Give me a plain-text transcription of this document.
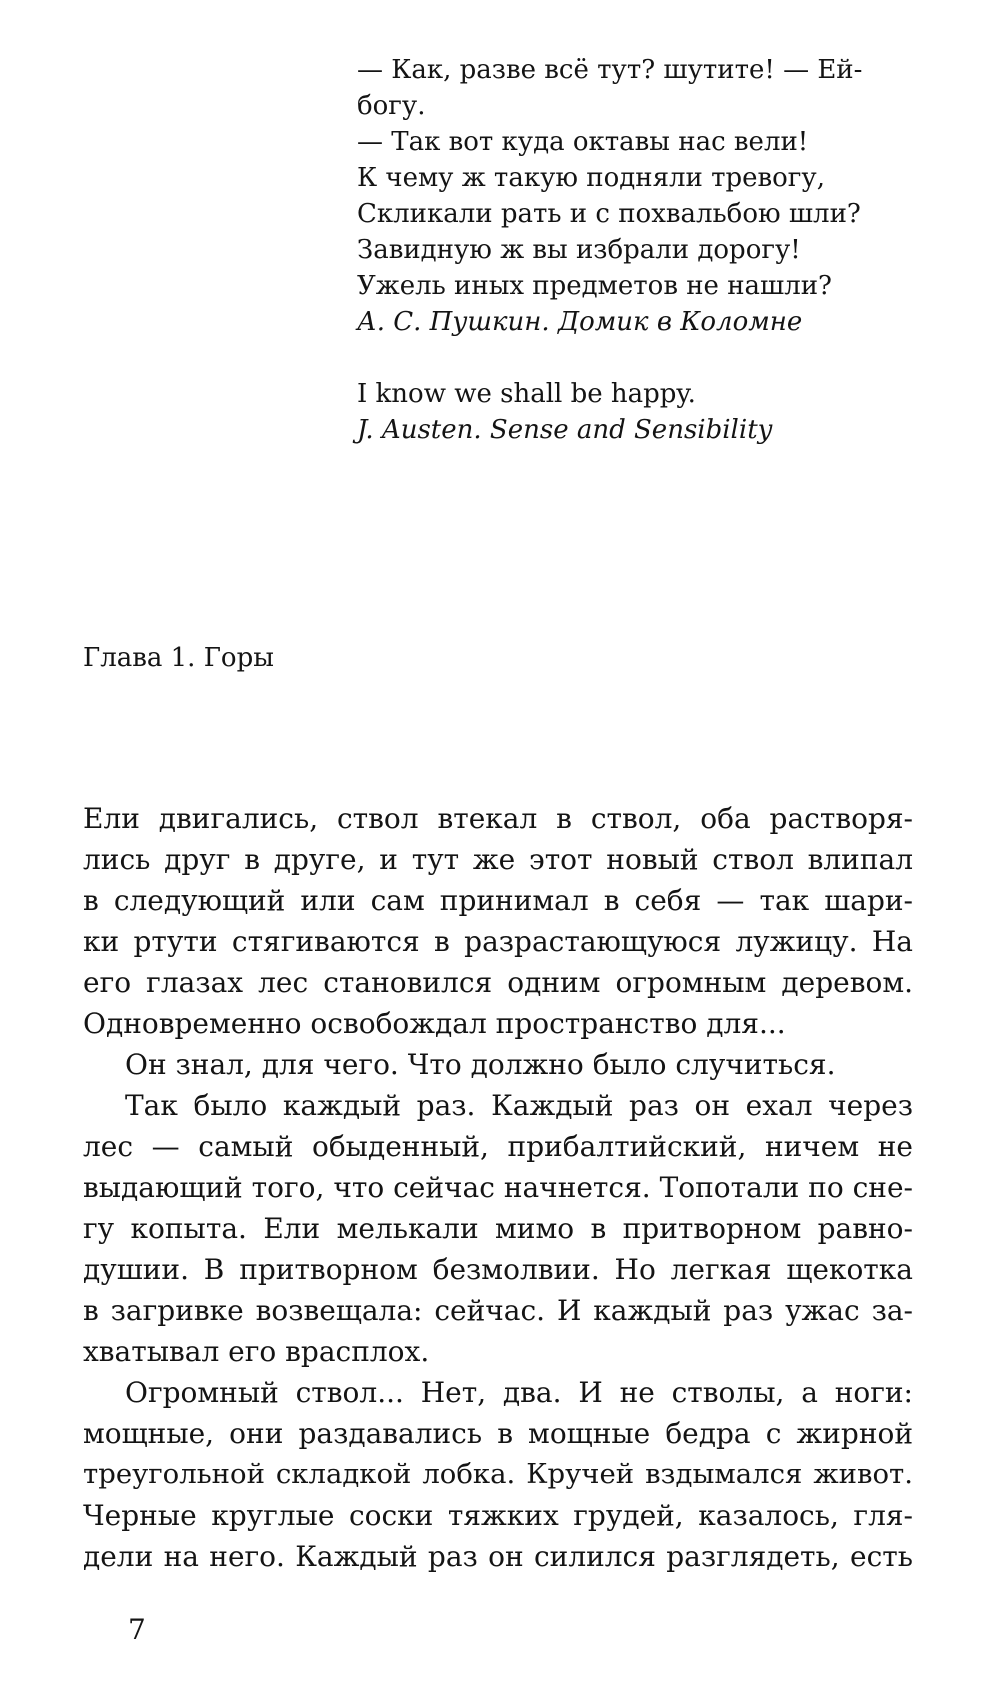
— Как, разве всё тут? шутите! — Ей-
богу.
— Так вот куда октавы нас вели!
К чему ж такую подняли тревогу,
Скликали рать и с похвальбою шли?
Завидную ж вы избрали дорогу!
Ужель иных предметов не нашли?
А. С. Пушкин. Домик в Коломне
I know we shall be happy.
J. Austen. Sense and Sensibility
Глава 1. Горы
Ели двигались, ствол втекал в ствол, оба растворя-
лись друг в друге, и тут же этот новый ствол влипал
в следующий или сам принимал в себя — так шари-
ки ртути стягиваются в разрастающуюся лужицу. На
его глазах лес становился одним огромным деревом.
Одновременно освобождал пространство для...
Он знал, для чего. Что должно было случиться.
Так было каждый раз. Каждый раз он ехал через
лес — самый обыденный, прибалтийский, ничем не
выдающий того, что сейчас начнется. Топотали по сне-
гу копыта. Ели мелькали мимо в притворном равно-
душии. В притворном безмолвии. Но легкая щекотка
в загривке возвещала: сейчас. И каждый раз ужас за-
хватывал его врасплох.
Огромный ствол... Нет, два. И не стволы, а ноги:
мощные, они раздавались в мощные бедра с жирной
треугольной складкой лобка. Кручей вздымался живот.
Черные круглые соски тяжких грудей, казалось, гля-
дели на него. Каждый раз он силился разглядеть, есть
7
